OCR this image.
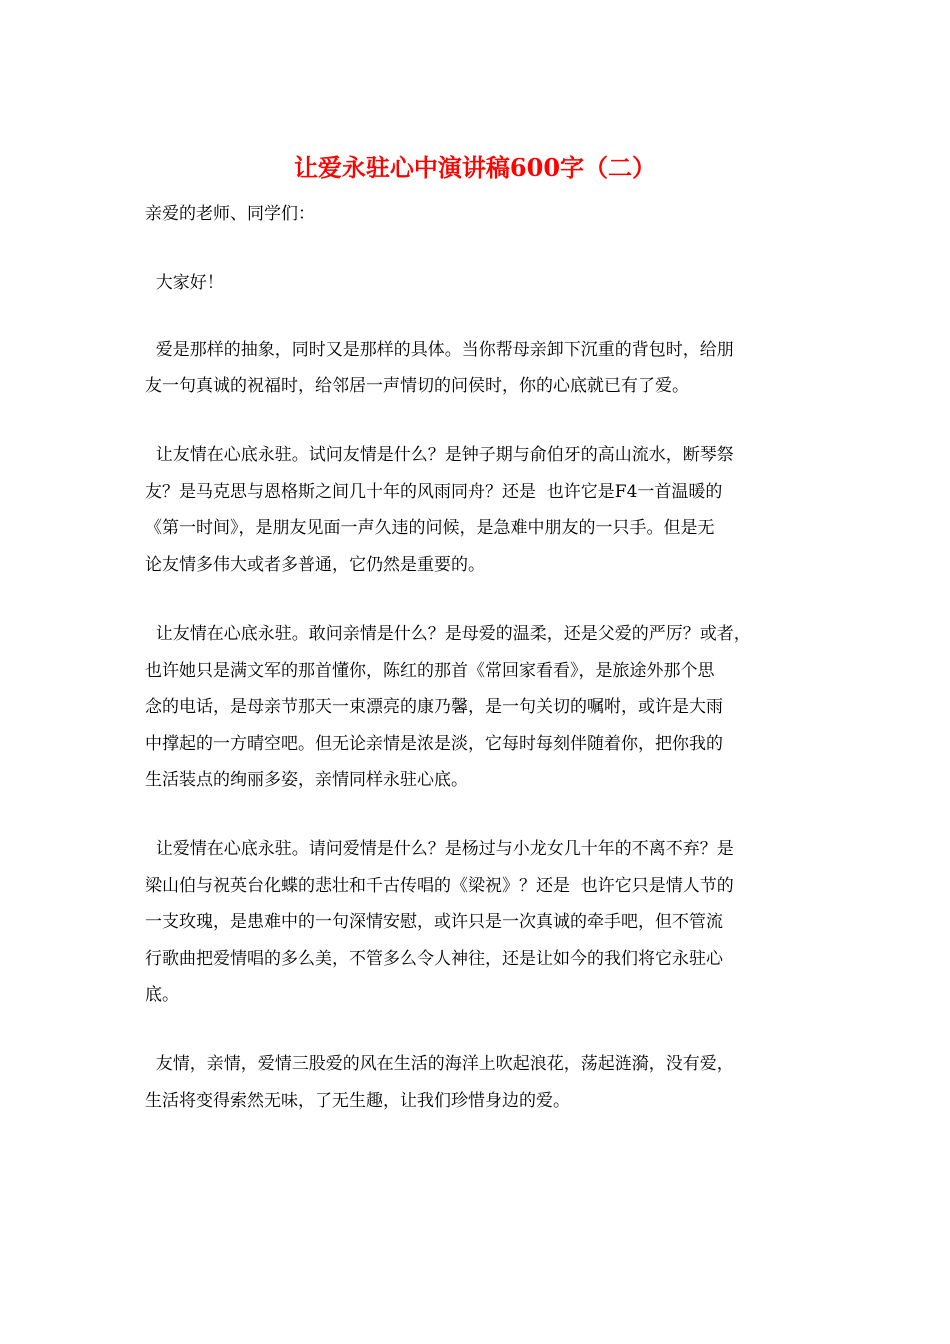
让爱永驻心中演讲稿600字（二）
亲爱的老师、同学们：
大家好！
爱是那样的抽象，同时又是那样的具体。当你帮母亲卸下沉重的背包时，给朋
友一句真诚的祝福时，给邻居一声情切的问侯时，你的心底就已有了爱。
让友情在心底永驻。试问友情是什么？是钟子期与俞伯牙的高山流水，断琴祭
友？是马克思与恩格斯之间几十年的风雨同舟？还是  也许它是F4一首温暖的
《第一时间》，是朋友见面一声久违的问候，是急难中朋友的一只手。但是无
论友情多伟大或者多普通，它仍然是重要的。
让友情在心底永驻。敢问亲情是什么？是母爱的温柔，还是父爱的严厉？或者，
也许她只是满文军的那首懂你，陈红的那首《常回家看看》，是旅途外那个思
念的电话，是母亲节那天一束漂亮的康乃馨，是一句关切的嘱咐，或许是大雨
中撑起的一方晴空吧。但无论亲情是浓是淡，它每时每刻伴随着你，把你我的
生活装点的绚丽多姿，亲情同样永驻心底。
让爱情在心底永驻。请问爱情是什么？是杨过与小龙女几十年的不离不弃？是
梁山伯与祝英台化蝶的悲壮和千古传唱的《梁祝》？还是  也许它只是情人节的
一支玫瑰，是患难中的一句深情安慰，或许只是一次真诚的牵手吧，但不管流
行歌曲把爱情唱的多么美，不管多么令人神往，还是让如今的我们将它永驻心
底。
友情，亲情，爱情三股爱的风在生活的海洋上吹起浪花，荡起涟漪，没有爱，
生活将变得索然无味，了无生趣，让我们珍惜身边的爱。
